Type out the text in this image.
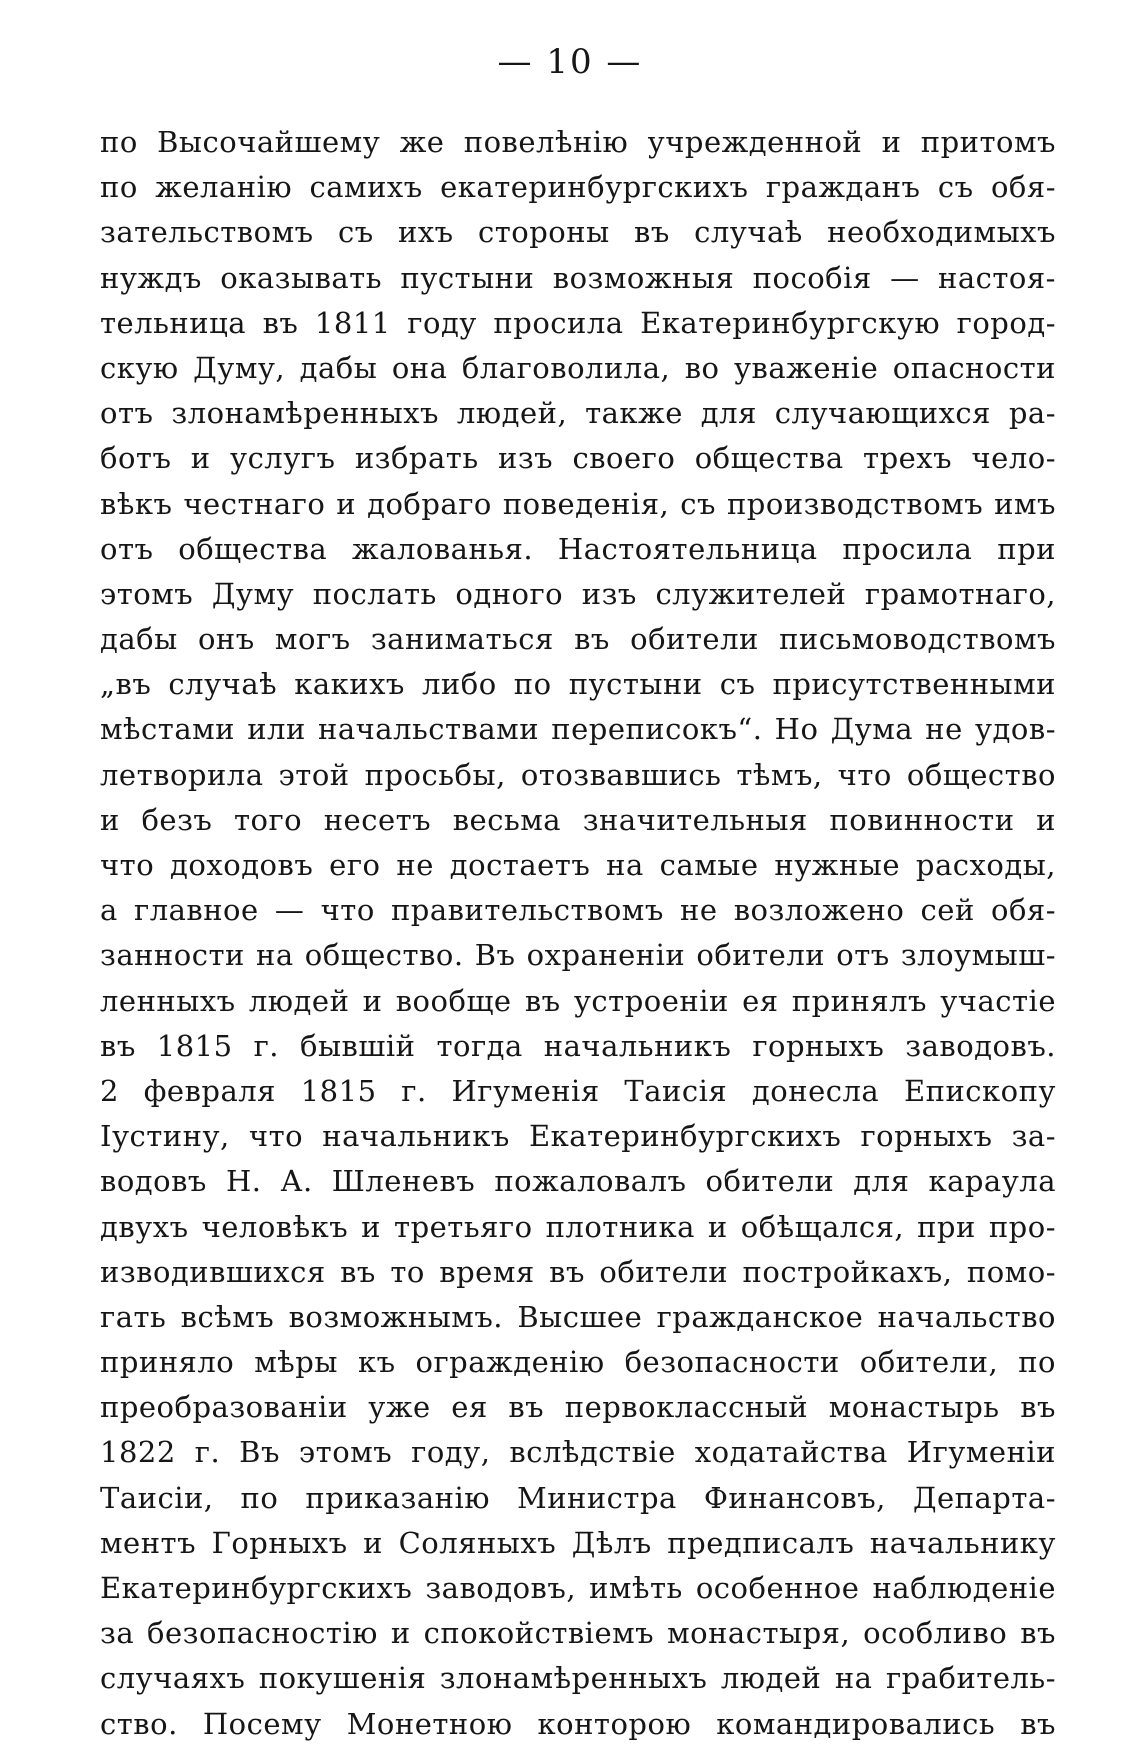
— 10 —
по Высочайшему же повелѣнію учрежденной и притомъ
по желанію самихъ екатеринбургскихъ гражданъ съ обя-
зательствомъ съ ихъ стороны въ случаѣ необходимыхъ
нуждъ оказывать пустыни возможныя пособія — настоя-
тельница въ 1811 году просила Екатеринбургскую город-
скую Думу, дабы она благоволила, во уваженіе опасности
отъ злонамѣренныхъ людей, также для случающихся ра-
ботъ и услугъ избрать изъ своего общества трехъ чело-
вѣкъ честнаго и добраго поведенія, съ производствомъ имъ
отъ общества жалованья. Настоятельница просила при
этомъ Думу послать одного изъ служителей грамотнаго,
дабы онъ могъ заниматься въ обители письмоводствомъ
„въ случаѣ какихъ либо по пустыни съ присутственными
мѣстами или начальствами переписокъ“. Но Дума не удов-
летворила этой просьбы, отозвавшись тѣмъ, что общество
и безъ того несетъ весьма значительныя повинности и
что доходовъ его не достаетъ на самые нужные расходы,
а главное — что правительствомъ не возложено сей обя-
занности на общество. Въ охраненіи обители отъ злоумыш-
ленныхъ людей и вообще въ устроеніи ея принялъ участіе
въ 1815 г. бывшій тогда начальникъ горныхъ заводовъ.
2 февраля 1815 г. Игуменія Таисія донесла Епископу
Іустину, что начальникъ Екатеринбургскихъ горныхъ за-
водовъ Н. А. Шленевъ пожаловалъ обители для караула
двухъ человѣкъ и третьяго плотника и обѣщался, при про-
изводившихся въ то время въ обители постройкахъ, помо-
гать всѣмъ возможнымъ. Высшее гражданское начальство
приняло мѣры къ огражденію безопасности обители, по
преобразованіи уже ея въ первоклассный монастырь въ
1822 г. Въ этомъ году, вслѣдствіе ходатайства Игуменіи
Таисіи, по приказанію Министра Финансовъ, Департа-
ментъ Горныхъ и Соляныхъ Дѣлъ предписалъ начальнику
Екатеринбургскихъ заводовъ, имѣть особенное наблюденіе
за безопасностію и спокойствіемъ монастыря, особливо въ
случаяхъ покушенія злонамѣренныхъ людей на грабитель-
ство. Посему Монетною конторою командировались въ
